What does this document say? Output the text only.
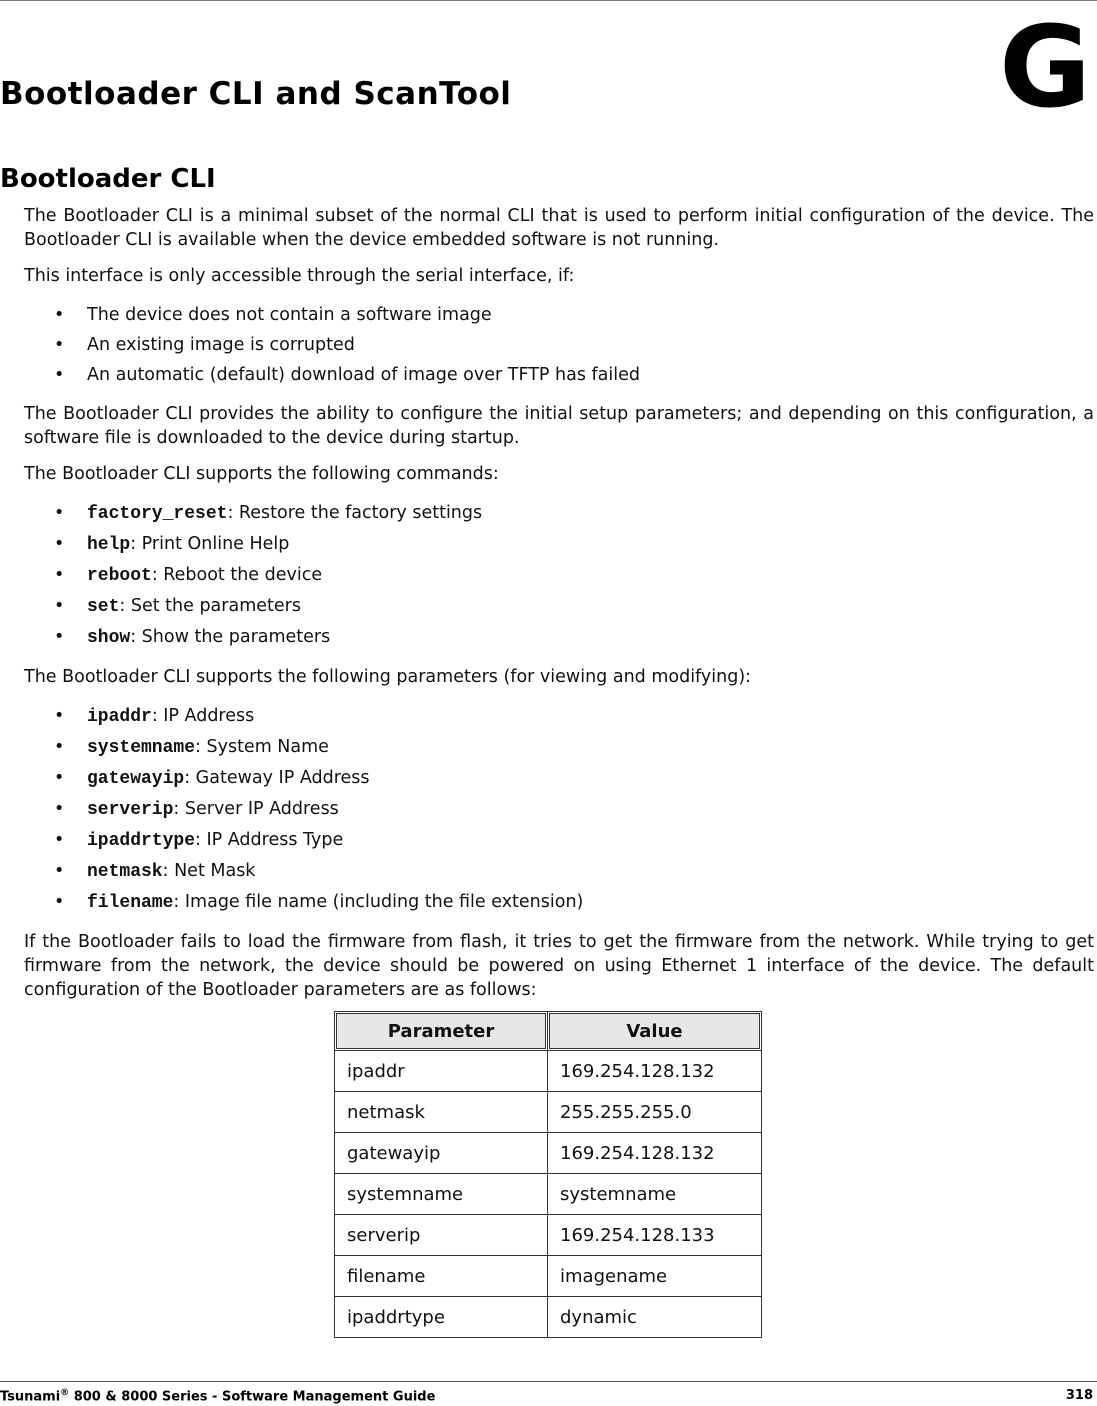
G
Bootloader CLI and ScanTool
Bootloader CLI

The Bootloader CLI is a minimal subset of the normal CLI that is used to perform initial configuration of the device. The Bootloader CLI is available when the device embedded software is not running.

This interface is only accessible through the serial interface, if:

• The device does not contain a software image
• An existing image is corrupted
• An automatic (default) download of image over TFTP has failed

The Bootloader CLI provides the ability to configure the initial setup parameters; and depending on this configuration, a software file is downloaded to the device during startup.

The Bootloader CLI supports the following commands:

• factory_reset: Restore the factory settings
• help: Print Online Help
• reboot: Reboot the device
• set: Set the parameters
• show: Show the parameters

The Bootloader CLI supports the following parameters (for viewing and modifying):

• ipaddr: IP Address
• systemname: System Name
• gatewayip: Gateway IP Address
• serverip: Server IP Address
• ipaddrtype: IP Address Type
• netmask: Net Mask
• filename: Image file name (including the file extension)

If the Bootloader fails to load the firmware from flash, it tries to get the firmware from the network. While trying to get firmware from the network, the device should be powered on using Ethernet 1 interface of the device. The default configuration of the Bootloader parameters are as follows:

Parameter	Value
ipaddr	169.254.128.132
netmask	255.255.255.0
gatewayip	169.254.128.132
systemname	systemname
serverip	169.254.128.133
filename	imagename
ipaddrtype	dynamic
Tsunami® 800 & 8000 Series - Software Management Guide	318
